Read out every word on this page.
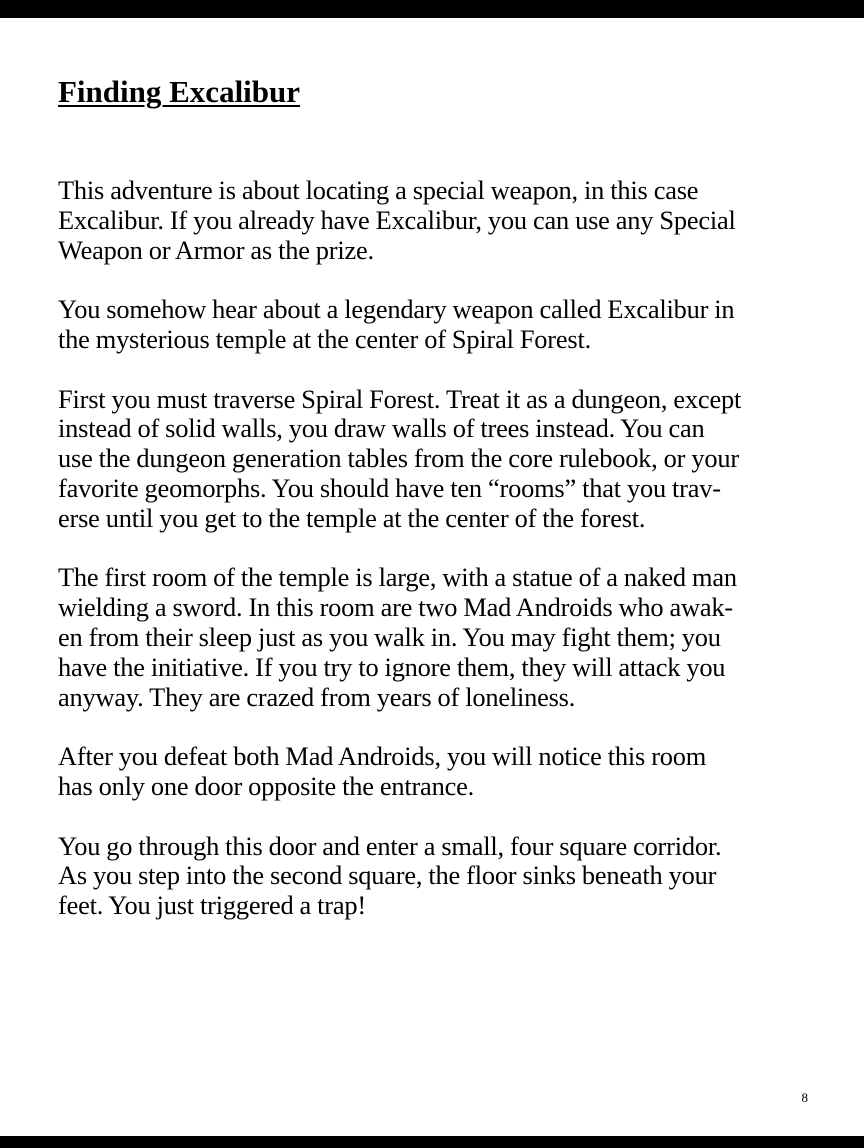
Finding Excalibur

This adventure is about locating a special weapon, in this case
Excalibur. If you already have Excalibur, you can use any Special
Weapon or Armor as the prize.

You somehow hear about a legendary weapon called Excalibur in
the mysterious temple at the center of Spiral Forest.

First you must traverse Spiral Forest. Treat it as a dungeon, except
instead of solid walls, you draw walls of trees instead. You can
use the dungeon generation tables from the core rulebook, or your
favorite geomorphs. You should have ten “rooms” that you trav-
erse until you get to the temple at the center of the forest.

The first room of the temple is large, with a statue of a naked man
wielding a sword. In this room are two Mad Androids who awak-
en from their sleep just as you walk in. You may fight them; you
have the initiative. If you try to ignore them, they will attack you
anyway. They are crazed from years of loneliness.

After you defeat both Mad Androids, you will notice this room
has only one door opposite the entrance.

You go through this door and enter a small, four square corridor.
As you step into the second square, the floor sinks beneath your
feet. You just triggered a trap!

8
